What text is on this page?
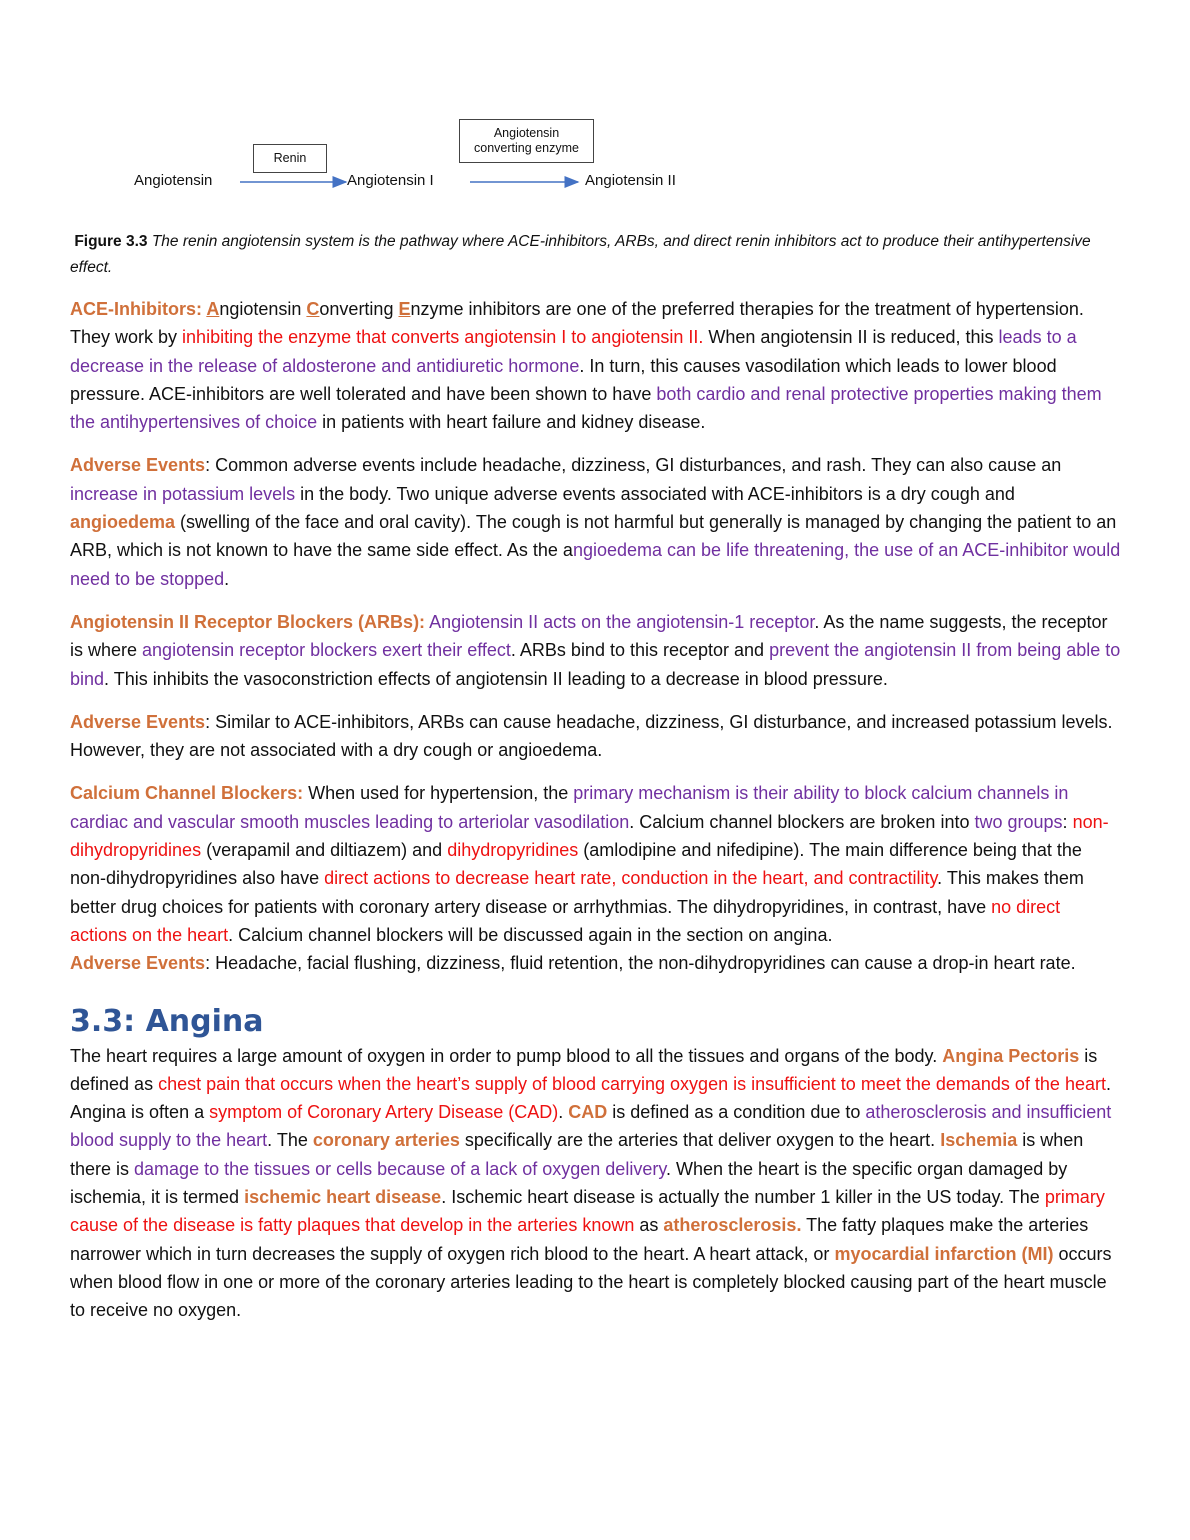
Angiotensin	Angiotensin I	Angiotensin II
Renin
Angiotensin
converting enzyme
Figure 3.3 The renin angiotensin system is the pathway where ACE-inhibitors, ARBs, and direct renin inhibitors act to produce their antihypertensive effect.

ACE-Inhibitors: Angiotensin Converting Enzyme inhibitors are one of the preferred therapies for the treatment of hypertension. They work by inhibiting the enzyme that converts angiotensin I to angiotensin II. When angiotensin II is reduced, this leads to a decrease in the release of aldosterone and antidiuretic hormone. In turn, this causes vasodilation which leads to lower blood pressure. ACE-inhibitors are well tolerated and have been shown to have both cardio and renal protective properties making them the antihypertensives of choice in patients with heart failure and kidney disease.

Adverse Events: Common adverse events include headache, dizziness, GI disturbances, and rash. They can also cause an increase in potassium levels in the body. Two unique adverse events associated with ACE-inhibitors is a dry cough and angioedema (swelling of the face and oral cavity). The cough is not harmful but generally is managed by changing the patient to an ARB, which is not known to have the same side effect. As the angioedema can be life threatening, the use of an ACE-inhibitor would need to be stopped.

Angiotensin II Receptor Blockers (ARBs): Angiotensin II acts on the angiotensin-1 receptor. As the name suggests, the receptor is where angiotensin receptor blockers exert their effect. ARBs bind to this receptor and prevent the angiotensin II from being able to bind. This inhibits the vasoconstriction effects of angiotensin II leading to a decrease in blood pressure.

Adverse Events: Similar to ACE-inhibitors, ARBs can cause headache, dizziness, GI disturbance, and increased potassium levels. However, they are not associated with a dry cough or angioedema.

Calcium Channel Blockers: When used for hypertension, the primary mechanism is their ability to block calcium channels in cardiac and vascular smooth muscles leading to arteriolar vasodilation. Calcium channel blockers are broken into two groups: non-dihydropyridines (verapamil and diltiazem) and dihydropyridines (amlodipine and nifedipine). The main difference being that the non-dihydropyridines also have direct actions to decrease heart rate, conduction in the heart, and contractility. This makes them better drug choices for patients with coronary artery disease or arrhythmias. The dihydropyridines, in contrast, have no direct actions on the heart. Calcium channel blockers will be discussed again in the section on angina.

Adverse Events: Headache, facial flushing, dizziness, fluid retention, the non-dihydropyridines can cause a drop-in heart rate.

3.3: Angina

The heart requires a large amount of oxygen in order to pump blood to all the tissues and organs of the body. Angina Pectoris is defined as chest pain that occurs when the heart’s supply of blood carrying oxygen is insufficient to meet the demands of the heart. Angina is often a symptom of Coronary Artery Disease (CAD). CAD is defined as a condition due to atherosclerosis and insufficient blood supply to the heart. The coronary arteries specifically are the arteries that deliver oxygen to the heart. Ischemia is when there is damage to the tissues or cells because of a lack of oxygen delivery. When the heart is the specific organ damaged by ischemia, it is termed ischemic heart disease. Ischemic heart disease is actually the number 1 killer in the US today. The primary cause of the disease is fatty plaques that develop in the arteries known as atherosclerosis. The fatty plaques make the arteries narrower which in turn decreases the supply of oxygen rich blood to the heart. A heart attack, or myocardial infarction (MI) occurs when blood flow in one or more of the coronary arteries leading to the heart is completely blocked causing part of the heart muscle to receive no oxygen.
